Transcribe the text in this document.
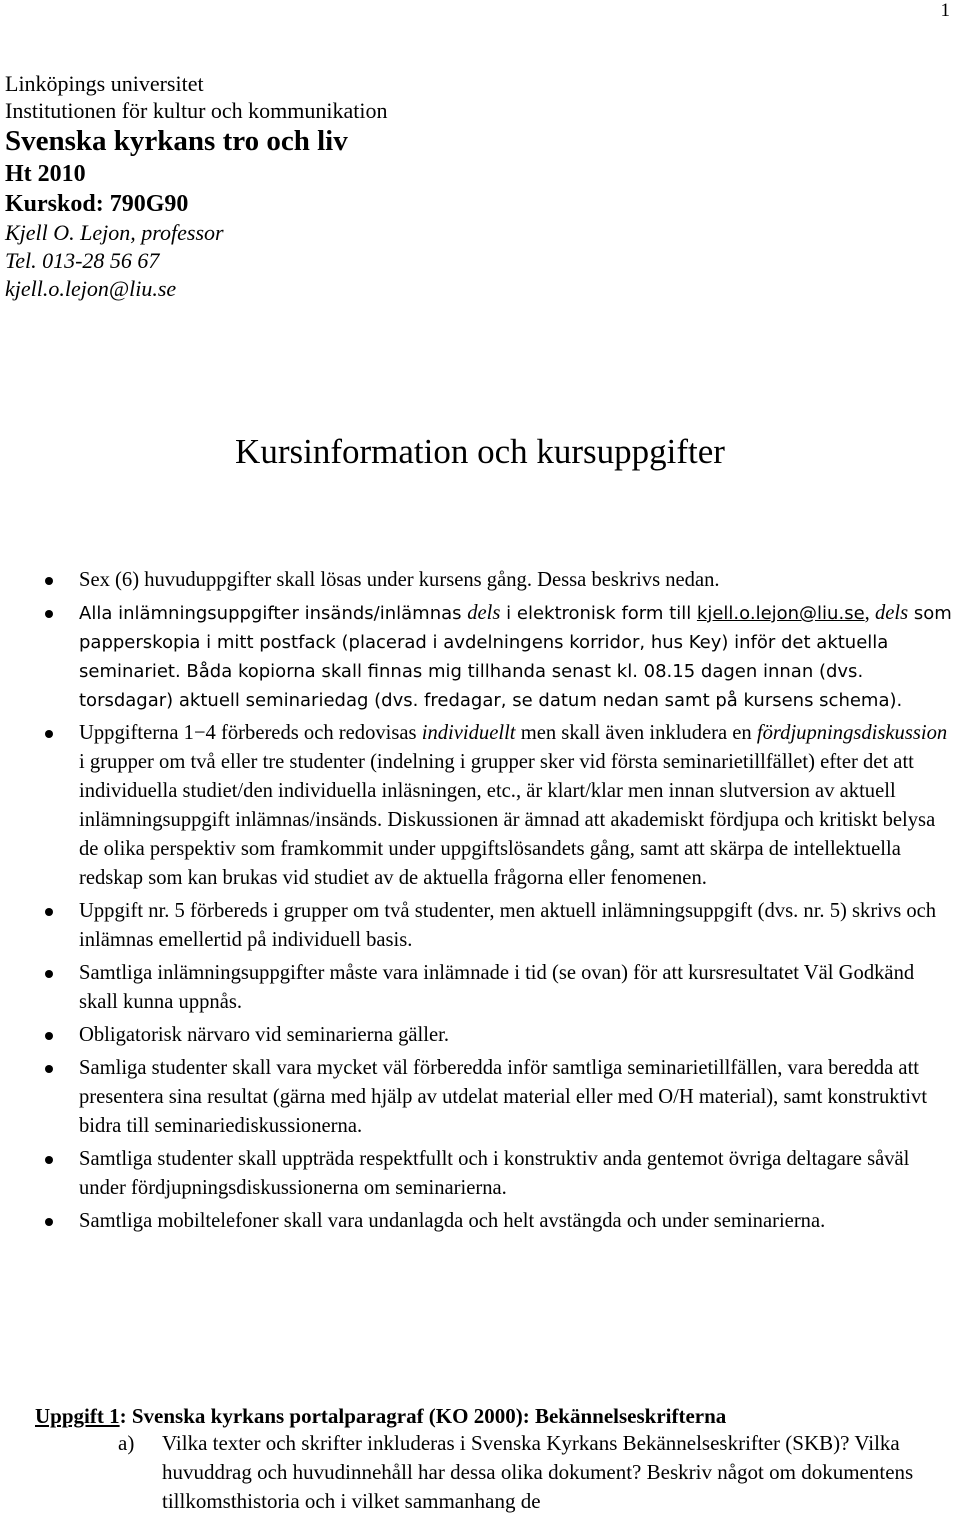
1
Linköpings universitet
Institutionen för kultur och kommunikation
Svenska kyrkans tro och liv
Ht 2010
Kurskod: 790G90
Kjell O. Lejon, professor
Tel. 013-28 56 67
kjell.o.lejon@liu.se
Kursinformation och kursuppgifter
Sex (6) huvuduppgifter skall lösas under kursens gång. Dessa beskrivs nedan.
Alla inlämningsuppgifter insänds/inlämnas dels i elektronisk form till kjell.o.lejon@liu.se, dels som papperskopia i mitt postfack (placerad i avdelningens korridor, hus Key) inför det aktuella seminariet. Båda kopiorna skall finnas mig tillhanda senast kl. 08.15 dagen innan (dvs. torsdagar) aktuell seminariedag (dvs. fredagar, se datum nedan samt på kursens schema).
Uppgifterna 1−4 förbereds och redovisas individuellt men skall även inkludera en fördjupningsdiskussion i grupper om två eller tre studenter (indelning i grupper sker vid första seminarietillfället) efter det att individuella studiet/den individuella inläsningen, etc., är klart/klar men innan slutversion av aktuell inlämningsuppgift inlämnas/insänds. Diskussionen är ämnad att akademiskt fördjupa och kritiskt belysa de olika perspektiv som framkommit under uppgiftslösandets gång, samt att skärpa de intellektuella redskap som kan brukas vid studiet av de aktuella frågorna eller fenomenen.
Uppgift nr. 5 förbereds i grupper om två studenter, men aktuell inlämningsuppgift (dvs. nr. 5) skrivs och inlämnas emellertid på individuell basis.
Samtliga inlämningsuppgifter måste vara inlämnade i tid (se ovan) för att kursresultatet Väl Godkänd skall kunna uppnås.
Obligatorisk närvaro vid seminarierna gäller.
Samliga studenter skall vara mycket väl förberedda inför samtliga seminarietillfällen, vara beredda att presentera sina resultat (gärna med hjälp av utdelat material eller med O/H material), samt konstruktivt bidra till seminariediskussionerna.
Samtliga studenter skall uppträda respektfullt och i konstruktiv anda gentemot övriga deltagare såväl under fördjupningsdiskussionerna om seminarierna.
Samtliga mobiltelefoner skall vara undanlagda och helt avstängda och under seminarierna.
Uppgift 1: Svenska kyrkans portalparagraf (KO 2000): Bekännelseskrifterna
a) Vilka texter och skrifter inkluderas i Svenska Kyrkans Bekännelseskrifter (SKB)? Vilka huvuddrag och huvudinnehåll har dessa olika dokument? Beskriv något om dokumentens tillkomsthistoria och i vilket sammanhang de
